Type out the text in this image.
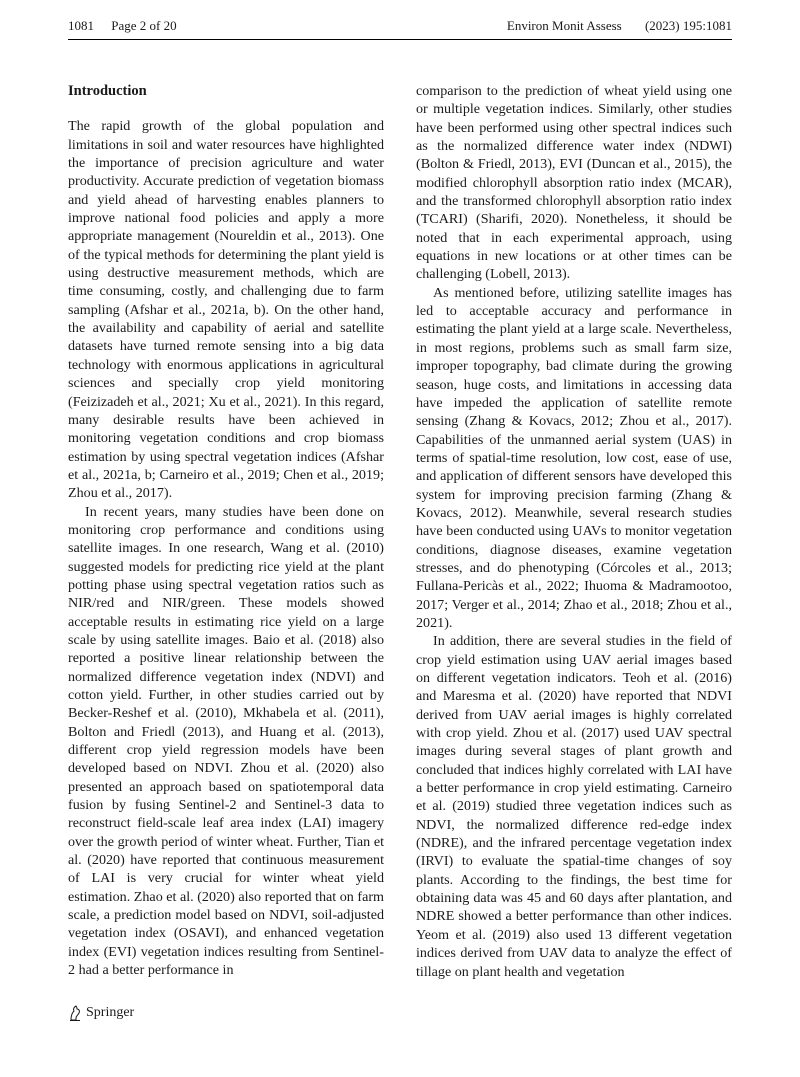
1081 Page 2 of 20	Environ Monit Assess (2023) 195:1081
Introduction

The rapid growth of the global population and limitations in soil and water resources have highlighted the importance of precision agriculture and water productivity. Accurate prediction of vegetation biomass and yield ahead of harvesting enables planners to improve national food policies and apply a more appropriate management (Noureldin et al., 2013). One of the typical methods for determining the plant yield is using destructive measurement methods, which are time consuming, costly, and challenging due to farm sampling (Afshar et al., 2021a, b). On the other hand, the availability and capability of aerial and satellite datasets have turned remote sensing into a big data technology with enormous applications in agricultural sciences and specially crop yield monitoring (Feizizadeh et al., 2021; Xu et al., 2021). In this regard, many desirable results have been achieved in monitoring vegetation conditions and crop biomass estimation by using spectral vegetation indices (Afshar et al., 2021a, b; Carneiro et al., 2019; Chen et al., 2019; Zhou et al., 2017).

In recent years, many studies have been done on monitoring crop performance and conditions using satellite images. In one research, Wang et al. (2010) suggested models for predicting rice yield at the plant potting phase using spectral vegetation ratios such as NIR/red and NIR/green. These models showed acceptable results in estimating rice yield on a large scale by using satellite images. Baio et al. (2018) also reported a positive linear relationship between the normalized difference vegetation index (NDVI) and cotton yield. Further, in other studies carried out by Becker-Reshef et al. (2010), Mkhabela et al. (2011), Bolton and Friedl (2013), and Huang et al. (2013), different crop yield regression models have been developed based on NDVI. Zhou et al. (2020) also presented an approach based on spatiotemporal data fusion by fusing Sentinel-2 and Sentinel-3 data to reconstruct field-scale leaf area index (LAI) imagery over the growth period of winter wheat. Further, Tian et al. (2020) have reported that continuous measurement of LAI is very crucial for winter wheat yield estimation. Zhao et al. (2020) also reported that on farm scale, a prediction model based on NDVI, soil-adjusted vegetation index (OSAVI), and enhanced vegetation index (EVI) vegetation indices resulting from Sentinel-2 had a better performance in

comparison to the prediction of wheat yield using one or multiple vegetation indices. Similarly, other studies have been performed using other spectral indices such as the normalized difference water index (NDWI) (Bolton & Friedl, 2013), EVI (Duncan et al., 2015), the modified chlorophyll absorption ratio index (MCAR), and the transformed chlorophyll absorption ratio index (TCARI) (Sharifi, 2020). Nonetheless, it should be noted that in each experimental approach, using equations in new locations or at other times can be challenging (Lobell, 2013).

As mentioned before, utilizing satellite images has led to acceptable accuracy and performance in estimating the plant yield at a large scale. Nevertheless, in most regions, problems such as small farm size, improper topography, bad climate during the growing season, huge costs, and limitations in accessing data have impeded the application of satellite remote sensing (Zhang & Kovacs, 2012; Zhou et al., 2017). Capabilities of the unmanned aerial system (UAS) in terms of spatial-time resolution, low cost, ease of use, and application of different sensors have developed this system for improving precision farming (Zhang & Kovacs, 2012). Meanwhile, several research studies have been conducted using UAVs to monitor vegetation conditions, diagnose diseases, examine vegetation stresses, and do phenotyping (Córcoles et al., 2013; Fullana-Pericàs et al., 2022; Ihuoma & Madramootoo, 2017; Verger et al., 2014; Zhao et al., 2018; Zhou et al., 2021).

In addition, there are several studies in the field of crop yield estimation using UAV aerial images based on different vegetation indicators. Teoh et al. (2016) and Maresma et al. (2020) have reported that NDVI derived from UAV aerial images is highly correlated with crop yield. Zhou et al. (2017) used UAV spectral images during several stages of plant growth and concluded that indices highly correlated with LAI have a better performance in crop yield estimating. Carneiro et al. (2019) studied three vegetation indices such as NDVI, the normalized difference red-edge index (NDRE), and the infrared percentage vegetation index (IRVI) to evaluate the spatial-time changes of soy plants. According to the findings, the best time for obtaining data was 45 and 60 days after plantation, and NDRE showed a better performance than other indices. Yeom et al. (2019) also used 13 different vegetation indices derived from UAV data to analyze the effect of tillage on plant health and vegetation

Springer
